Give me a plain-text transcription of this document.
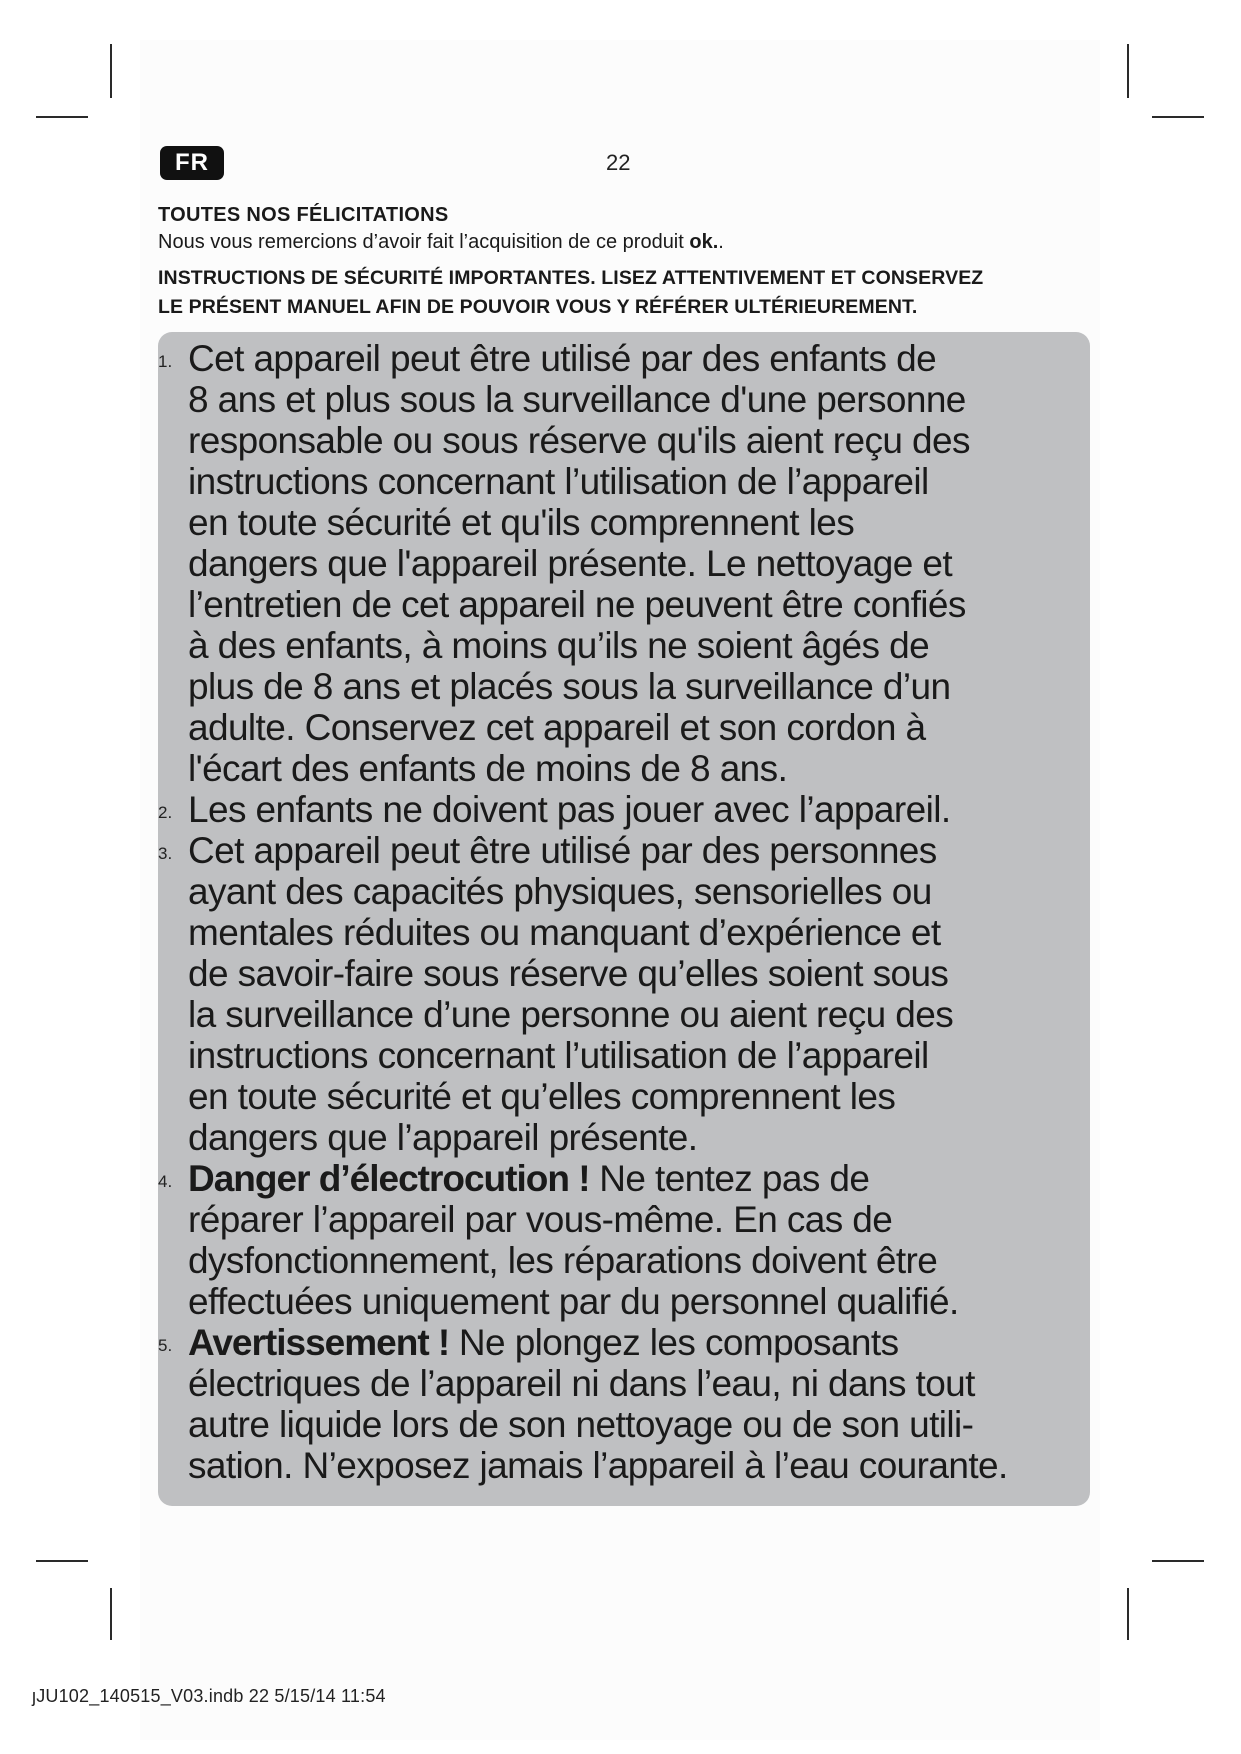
FR	22
TOUTES NOS FÉLICITATIONS
Nous vous remercions d’avoir fait l’acquisition de ce produit ok..
INSTRUCTIONS DE SÉCURITÉ IMPORTANTES. LISEZ ATTENTIVEMENT ET CONSERVEZ
LE PRÉSENT MANUEL AFIN DE POUVOIR VOUS Y RÉFÉRER ULTÉRIEUREMENT.
1. Cet appareil peut être utilisé par des enfants de
8 ans et plus sous la surveillance d'une personne
responsable ou sous réserve qu'ils aient reçu des
instructions concernant l’utilisation de l’appareil
en toute sécurité et qu'ils comprennent les
dangers que l'appareil présente. Le nettoyage et
l’entretien de cet appareil ne peuvent être confiés
à des enfants, à moins qu’ils ne soient âgés de
plus de 8 ans et placés sous la surveillance d’un
adulte. Conservez cet appareil et son cordon à
l'écart des enfants de moins de 8 ans.
2. Les enfants ne doivent pas jouer avec l’appareil.
3. Cet appareil peut être utilisé par des personnes
ayant des capacités physiques, sensorielles ou
mentales réduites ou manquant d’expérience et
de savoir-faire sous réserve qu’elles soient sous
la surveillance d’une personne ou aient reçu des
instructions concernant l’utilisation de l’appareil
en toute sécurité et qu’elles comprennent les
dangers que l’appareil présente.
4. Danger d’électrocution ! Ne tentez pas de
réparer l’appareil par vous-même. En cas de
dysfonctionnement, les réparations doivent être
effectuées uniquement par du personnel qualifié.
5. Avertissement ! Ne plongez les composants
électriques de l’appareil ni dans l’eau, ni dans tout
autre liquide lors de son nettoyage ou de son utili-
sation. N’exposez jamais l’appareil à l’eau courante.
ȷJU102_140515_V03.indb 22 5/15/14 11:54
